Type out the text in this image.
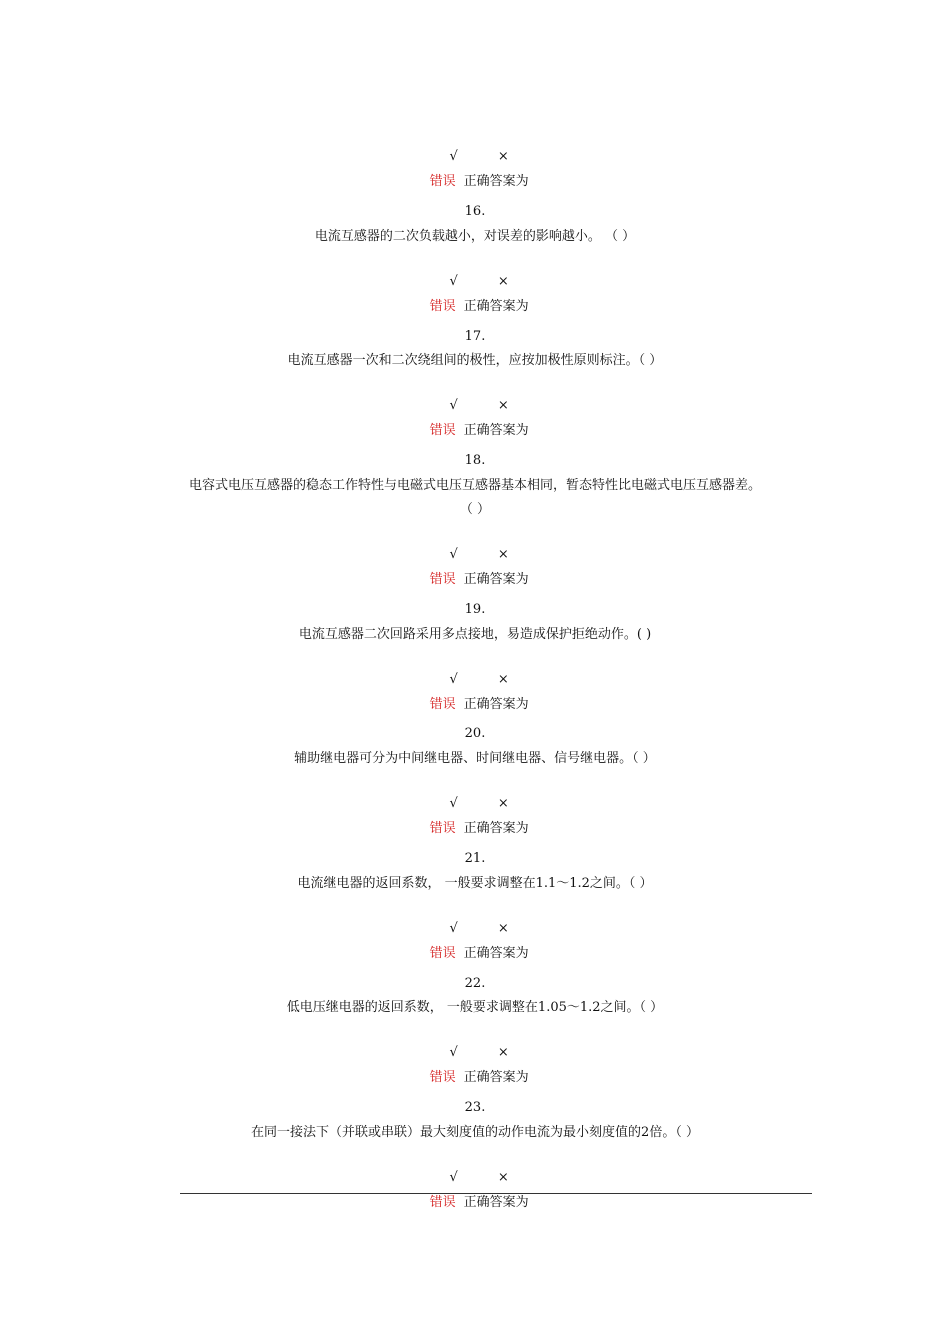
√	×

错误 正确答案为

16.
电流互感器的二次负载越小，对误差的影响越小。 （ ）

√	×

错误 正确答案为

17.
电流互感器一次和二次绕组间的极性，应按加极性原则标注。（ ）

√	×

错误 正确答案为

18.
电容式电压互感器的稳态工作特性与电磁式电压互感器基本相同，暂态特性比电磁式电压互感器差。
（ ）

√	×

错误 正确答案为

19.
电流互感器二次回路采用多点接地，易造成保护拒绝动作。( )

√	×

错误 正确答案为

20.
辅助继电器可分为中间继电器、时间继电器、信号继电器。（ ）

√	×

错误 正确答案为

21.
电流继电器的返回系数， 一般要求调整在1.1～1.2之间。（ ）

√	×

错误 正确答案为

22.
低电压继电器的返回系数， 一般要求调整在1.05～1.2之间。（ ）

√	×

错误 正确答案为

23.
在同一接法下（并联或串联）最大刻度值的动作电流为最小刻度值的2倍。（ ）

√	×

错误 正确答案为
